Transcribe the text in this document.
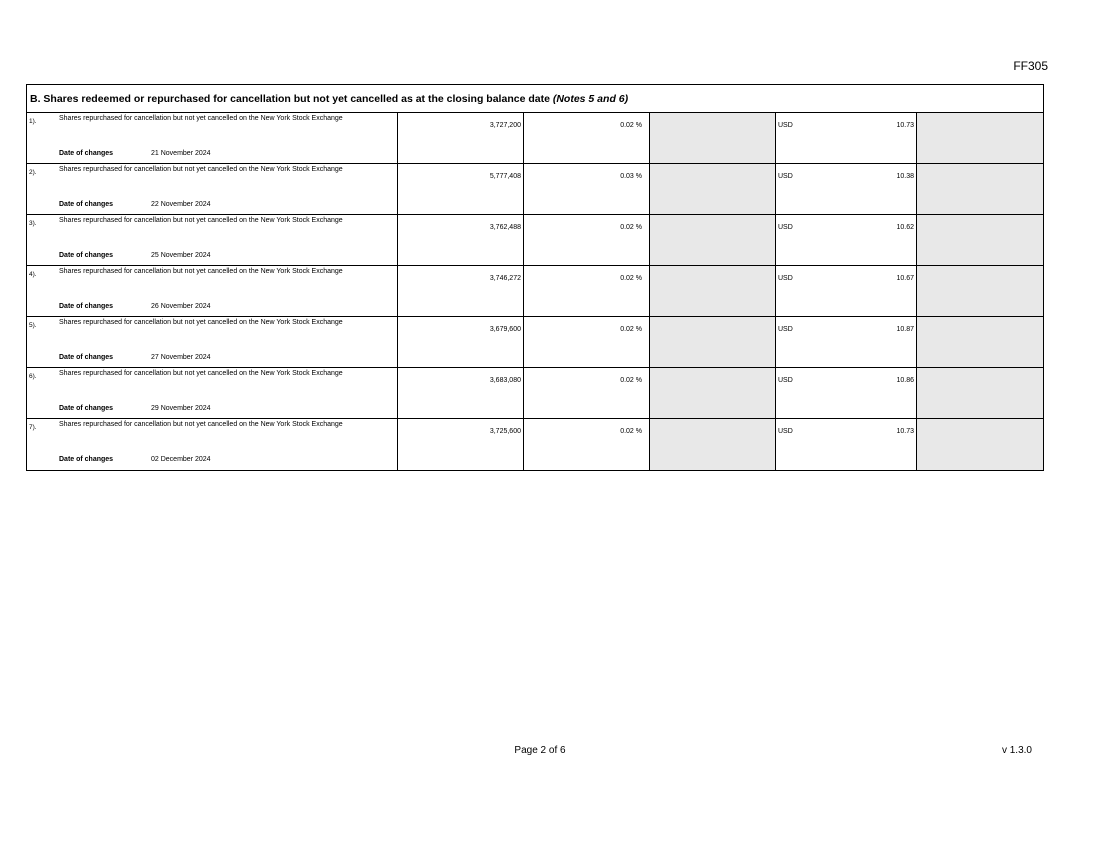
FF305
B. Shares redeemed or repurchased for cancellation but not yet cancelled as at the closing balance date (Notes 5 and 6)
1).	Shares repurchased for cancellation but not yet cancelled on the New York Stock Exchange
Date of changes	21 November 2024
3,727,200	0.02 %	USD	10.73
2).	Shares repurchased for cancellation but not yet cancelled on the New York Stock Exchange
Date of changes	22 November 2024
5,777,408	0.03 %	USD	10.38
3).	Shares repurchased for cancellation but not yet cancelled on the New York Stock Exchange
Date of changes	25 November 2024
3,762,488	0.02 %	USD	10.62
4).	Shares repurchased for cancellation but not yet cancelled on the New York Stock Exchange
Date of changes	26 November 2024
3,746,272	0.02 %	USD	10.67
5).	Shares repurchased for cancellation but not yet cancelled on the New York Stock Exchange
Date of changes	27 November 2024
3,679,600	0.02 %	USD	10.87
6).	Shares repurchased for cancellation but not yet cancelled on the New York Stock Exchange
Date of changes	29 November 2024
3,683,080	0.02 %	USD	10.86
7).	Shares repurchased for cancellation but not yet cancelled on the New York Stock Exchange
Date of changes	02 December 2024
3,725,600	0.02 %	USD	10.73
Page 2 of 6	v 1.3.0
